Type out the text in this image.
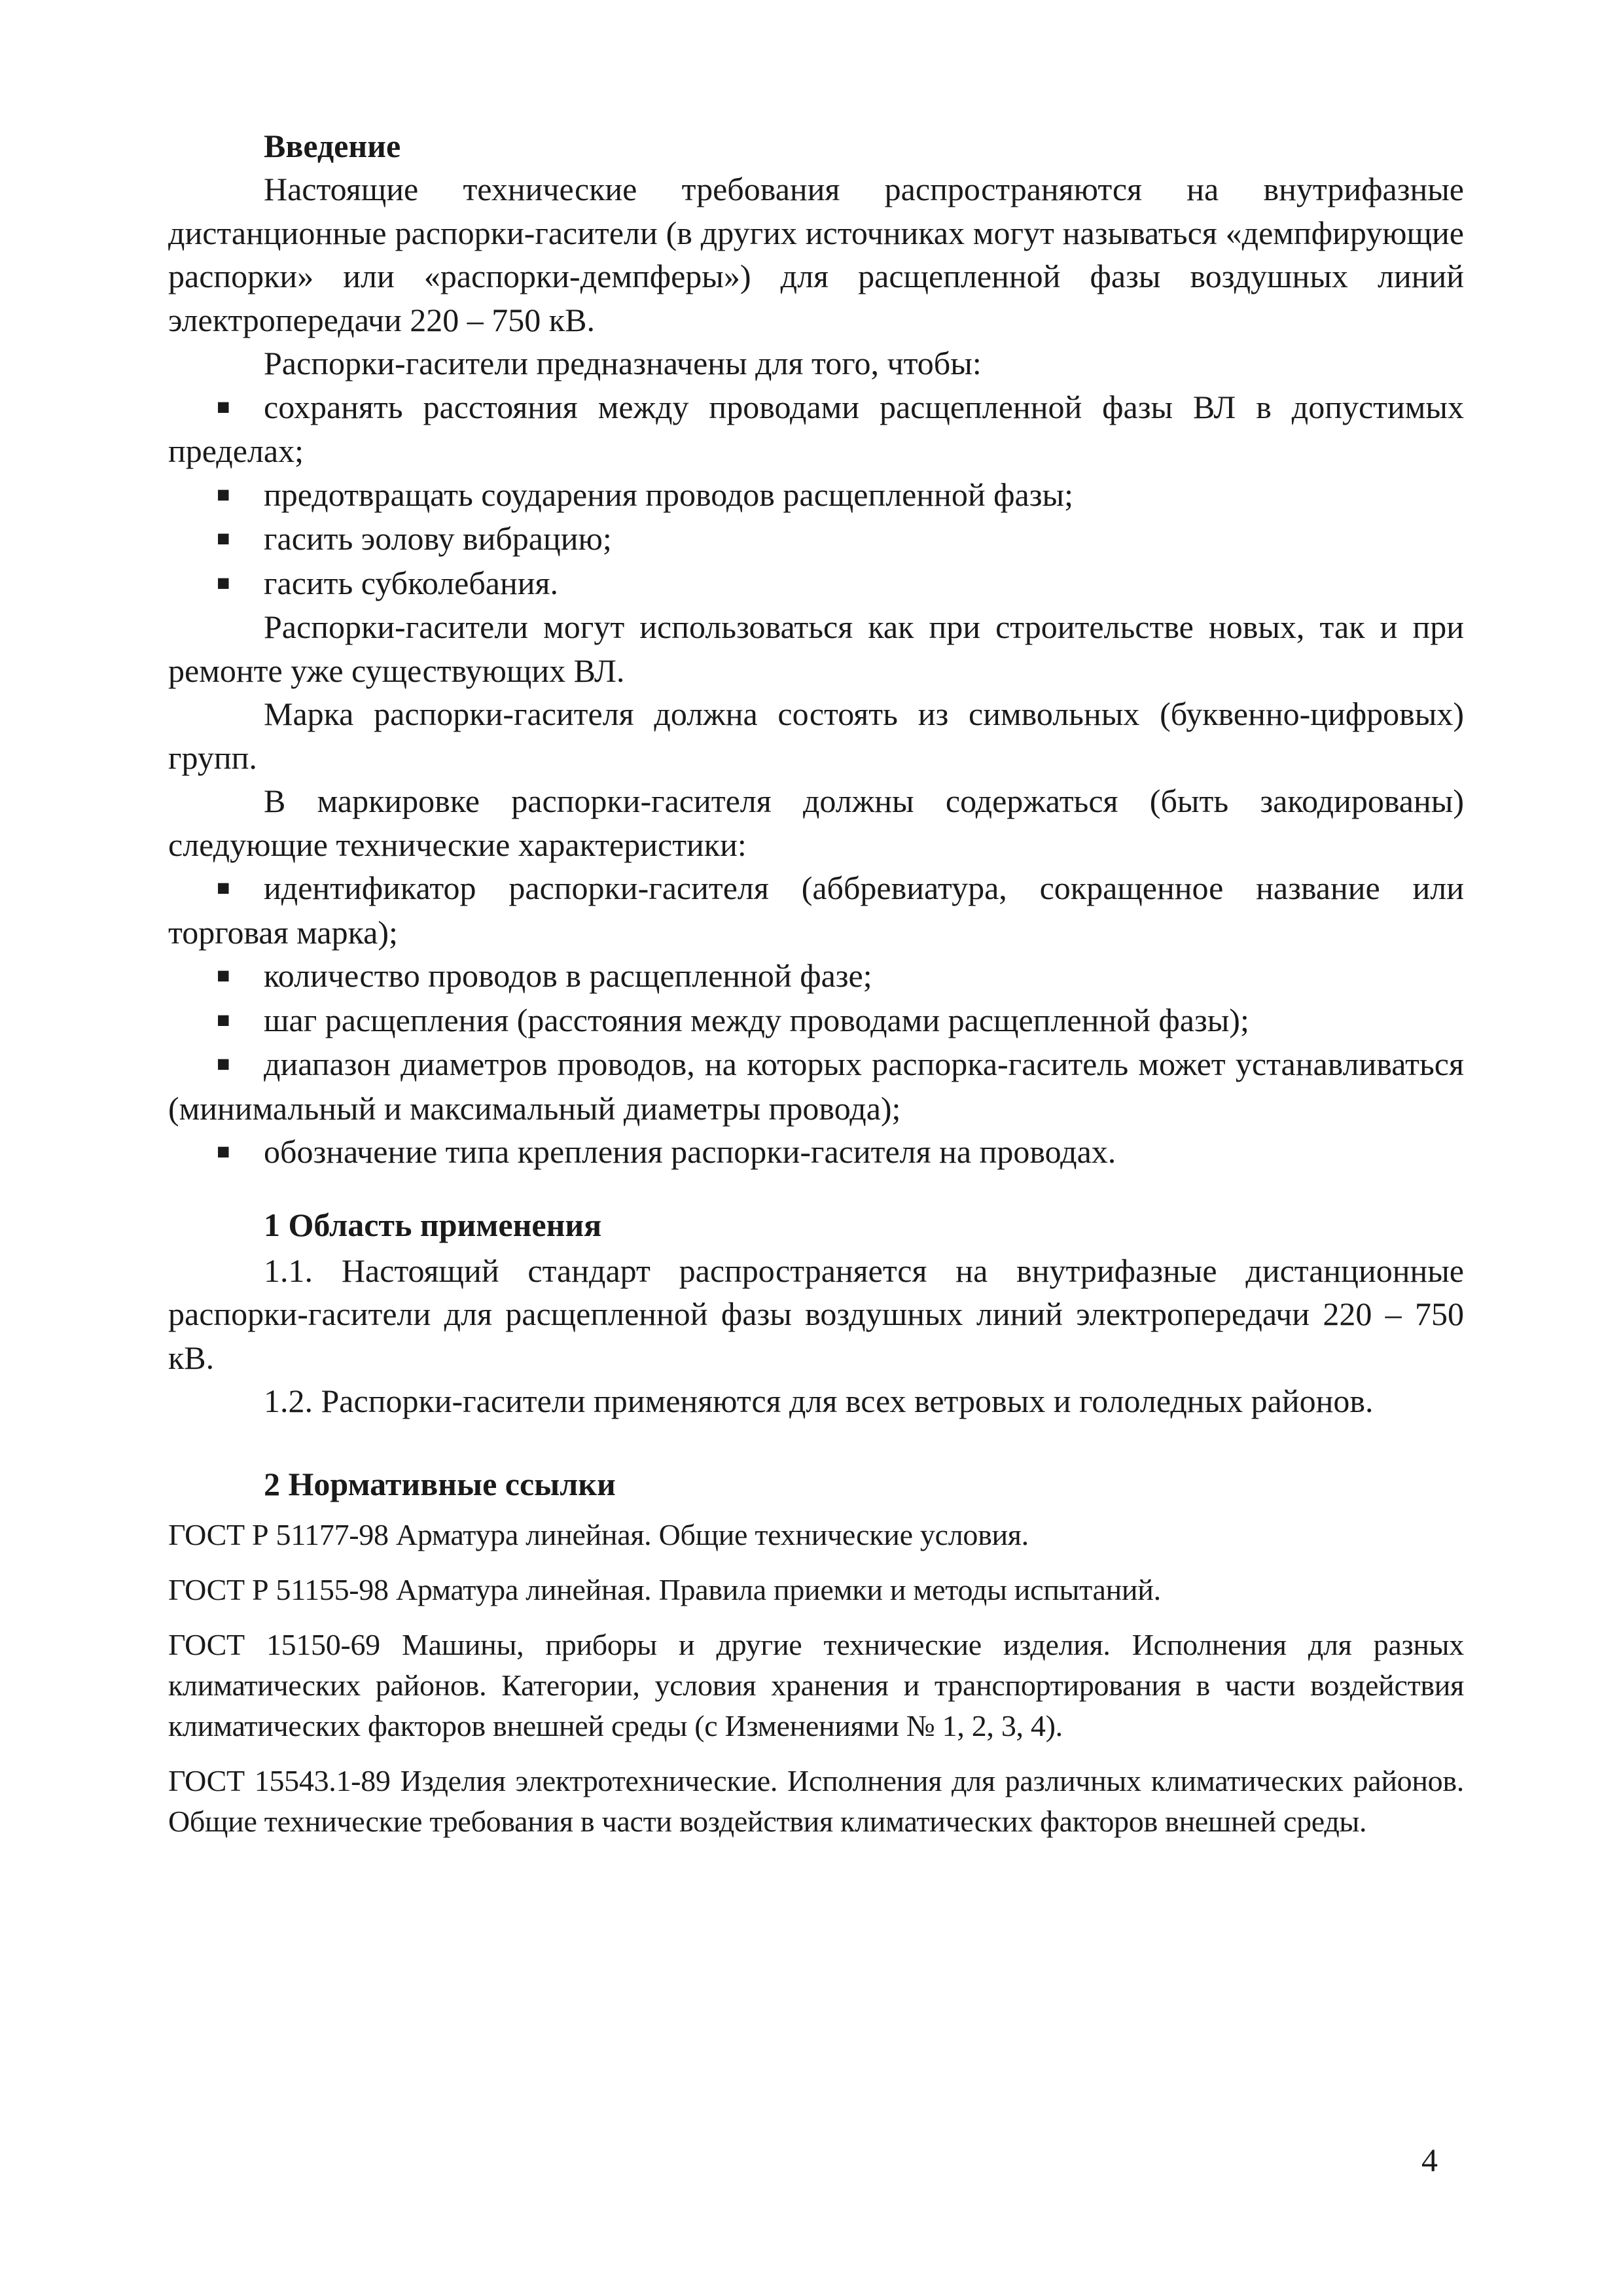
Введение

Настоящие технические требования распространяются на внутрифазные дистанционные распорки-гасители (в других источниках могут называться «демпфирующие распорки» или «распорки-демпферы») для расщепленной фазы воздушных линий электропередачи 220 – 750 кВ.

Распорки-гасители предназначены для того, чтобы:

■ сохранять расстояния между проводами расщепленной фазы ВЛ в допустимых пределах;

■ предотвращать соударения проводов расщепленной фазы;

■ гасить эолову вибрацию;

■ гасить субколебания.

Распорки-гасители могут использоваться как при строительстве новых, так и при ремонте уже существующих ВЛ.

Марка распорки-гасителя должна состоять из символьных (буквенно-цифровых) групп.

В маркировке распорки-гасителя должны содержаться (быть закодированы) следующие технические характеристики:

■ идентификатор распорки-гасителя (аббревиатура, сокращенное название или торговая марка);

■ количество проводов в расщепленной фазе;

■ шаг расщепления (расстояния между проводами расщепленной фазы);

■ диапазон диаметров проводов, на которых распорка-гаситель может устанавливаться (минимальный и максимальный диаметры провода);

■ обозначение типа крепления распорки-гасителя на проводах.

1 Область применения

1.1. Настоящий стандарт распространяется на внутрифазные дистанционные распорки-гасители для расщепленной фазы воздушных линий электропередачи 220 – 750 кВ.

1.2. Распорки-гасители применяются для всех ветровых и гололедных районов.

2 Нормативные ссылки

ГОСТ Р 51177-98 Арматура линейная. Общие технические условия.

ГОСТ Р 51155-98 Арматура линейная. Правила приемки и методы испытаний.

ГОСТ 15150-69 Машины, приборы и другие технические изделия. Исполнения для разных климатических районов. Категории, условия хранения и транспортирования в части воздействия климатических факторов внешней среды (с Изменениями № 1, 2, 3, 4).

ГОСТ 15543.1-89 Изделия электротехнические. Исполнения для различных климатических районов. Общие технические требования в части воздействия климатических факторов внешней среды.

4
